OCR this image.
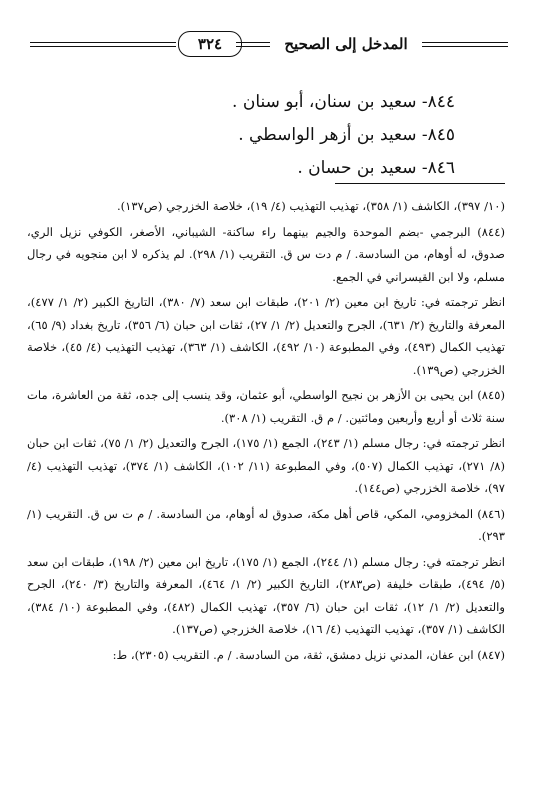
المدخل إلى الصحيح
٣٢٤
٨٤٤- سعيد بن سنان، أبو سنان .
٨٤٥- سعيد بن أزهر الواسطي .
٨٤٦- سعيد بن حسان .

(١٠/ ٣٩٧)، الكاشف (١/ ٣٥٨)، تهذيب التهذيب (٤/ ١٩)، خلاصة الخزرجي (ص١٣٧).

(٨٤٤) البرجمي -بضم الموحدة والجيم بينهما راء ساكنة- الشيباني، الأصغر، الكوفي نزيل الري، صدوق، له أوهام، من السادسة. / م دت س ق. التقريب (١/ ٢٩٨). لم يذكره لا ابن منجويه في رجال مسلم، ولا ابن القيسراني في الجمع.

انظر ترجمته في: تاريخ ابن معين (٢/ ٢٠١)، طبقات ابن سعد (٧/ ٣٨٠)، التاريخ الكبير (٢/ ١/ ٤٧٧)، المعرفة والتاريخ (٢/ ٦٣١)، الجرح والتعديل (٢/ ١/ ٢٧)، ثقات ابن حبان (٦/ ٣٥٦)، تاريخ بغداد (٩/ ٦٥)، تهذيب الكمال (٤٩٣)، وفي المطبوعة (١٠/ ٤٩٢)، الكاشف (١/ ٣٦٣)، تهذيب التهذيب (٤/ ٤٥)، خلاصة الخزرجي (ص١٣٩).

(٨٤٥) ابن يحيى بن الأزهر بن نجيح الواسطي، أبو عثمان، وقد ينسب إلى جده، ثقة من العاشرة، مات سنة ثلاث أو أربع وأربعين ومائتين. / م ق. التقريب (١/ ٣٠٨).

انظر ترجمته في: رجال مسلم (١/ ٢٤٣)، الجمع (١/ ١٧٥)، الجرح والتعديل (٢/ ١/ ٧٥)، ثقات ابن حبان (٨/ ٢٧١)، تهذيب الكمال (٥٠٧)، وفي المطبوعة (١١/ ١٠٢)، الكاشف (١/ ٣٧٤)، تهذيب التهذيب (٤/ ٩٧)، خلاصة الخزرجي (ص١٤٤).

(٨٤٦) المخزومي، المكي، قاص أهل مكة، صدوق له أوهام، من السادسة. / م ت س ق. التقريب (١/ ٢٩٣).

انظر ترجمته في: رجال مسلم (١/ ٢٤٤)، الجمع (١/ ١٧٥)، تاريخ ابن معين (٢/ ١٩٨)، طبقات ابن سعد (٥/ ٤٩٤)، طبقات خليفة (ص٢٨٣)، التاريخ الكبير (٢/ ١/ ٤٦٤)، المعرفة والتاريخ (٣/ ٢٤٠)، الجرح والتعديل (٢/ ١/ ١٢)، ثقات ابن حبان (٦/ ٣٥٧)، تهذيب الكمال (٤٨٢)، وفي المطبوعة (١٠/ ٣٨٤)، الكاشف (١/ ٣٥٧)، تهذيب التهذيب (٤/ ١٦)، خلاصة الخزرجي (ص١٣٧).

(٨٤٧) ابن عفان، المدني نزيل دمشق، ثقة، من السادسة. / م. التقريب (٢٣٠٥)، ط:
